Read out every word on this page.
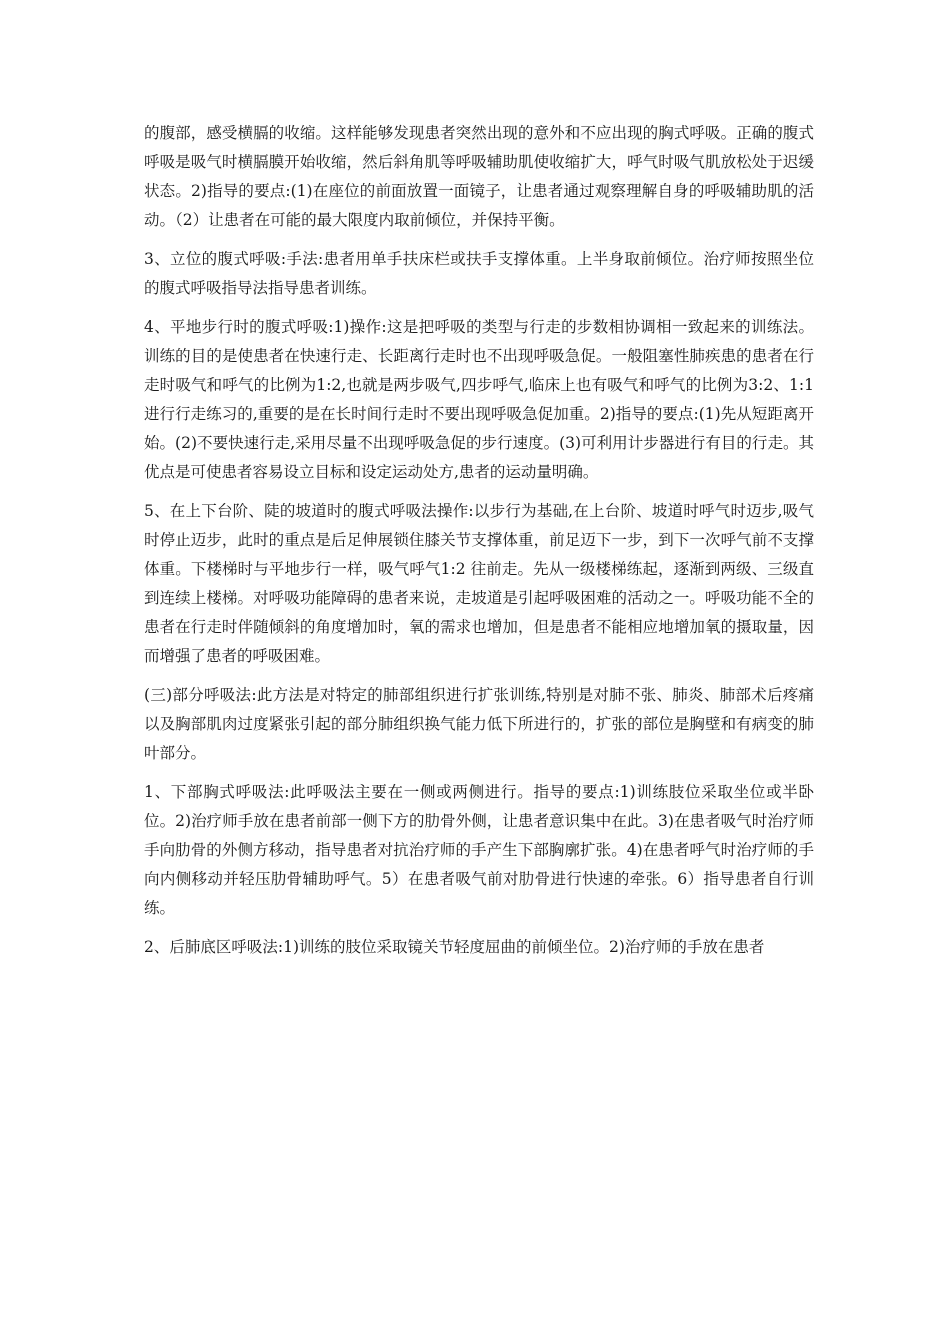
的腹部，感受横膈的收缩。这样能够发现患者突然出现的意外和不应出现的胸式呼吸。正确的腹式呼吸是吸气时横膈膜开始收缩，然后斜角肌等呼吸辅助肌使收缩扩大，呼气时吸气肌放松处于迟缓状态。2)指导的要点:(1)在座位的前面放置一面镜子，让患者通过观察理解自身的呼吸辅助肌的活动。（2）让患者在可能的最大限度内取前倾位，并保持平衡。

3、立位的腹式呼吸:手法:患者用单手扶床栏或扶手支撑体重。上半身取前倾位。治疗师按照坐位的腹式呼吸指导法指导患者训练。

4、平地步行时的腹式呼吸:1)操作:这是把呼吸的类型与行走的步数相协调相一致起来的训练法。训练的目的是使患者在快速行走、长距离行走时也不出现呼吸急促。一般阻塞性肺疾患的患者在行走时吸气和呼气的比例为1:2,也就是两步吸气,四步呼气,临床上也有吸气和呼气的比例为3:2、1:1进行行走练习的,重要的是在长时间行走时不要出现呼吸急促加重。2)指导的要点:(1)先从短距离开始。(2)不要快速行走,采用尽量不出现呼吸急促的步行速度。(3)可利用计步器进行有目的行走。其优点是可使患者容易设立目标和设定运动处方,患者的运动量明确。

5、在上下台阶、陡的坡道时的腹式呼吸法操作:以步行为基础,在上台阶、坡道时呼气时迈步,吸气时停止迈步，此时的重点是后足伸展锁住膝关节支撑体重，前足迈下一步，到下一次呼气前不支撑体重。下楼梯时与平地步行一样，吸气呼气1:2 往前走。先从一级楼梯练起，逐渐到两级、三级直到连续上楼梯。对呼吸功能障碍的患者来说，走坡道是引起呼吸困难的活动之一。呼吸功能不全的患者在行走时伴随倾斜的角度增加时，氧的需求也增加，但是患者不能相应地增加氧的摄取量，因而增强了患者的呼吸困难。

(三)部分呼吸法:此方法是对特定的肺部组织进行扩张训练,特别是对肺不张、肺炎、肺部术后疼痛以及胸部肌肉过度紧张引起的部分肺组织换气能力低下所进行的，扩张的部位是胸壁和有病变的肺叶部分。

1、下部胸式呼吸法:此呼吸法主要在一侧或两侧进行。指导的要点:1)训练肢位采取坐位或半卧位。2)治疗师手放在患者前部一侧下方的肋骨外侧，让患者意识集中在此。3)在患者吸气时治疗师手向肋骨的外侧方移动，指导患者对抗治疗师的手产生下部胸廓扩张。4)在患者呼气时治疗师的手向内侧移动并轻压肋骨辅助呼气。5）在患者吸气前对肋骨进行快速的牵张。6）指导患者自行训练。

2、后肺底区呼吸法:1)训练的肢位采取镜关节轻度屈曲的前倾坐位。2)治疗师的手放在患者
